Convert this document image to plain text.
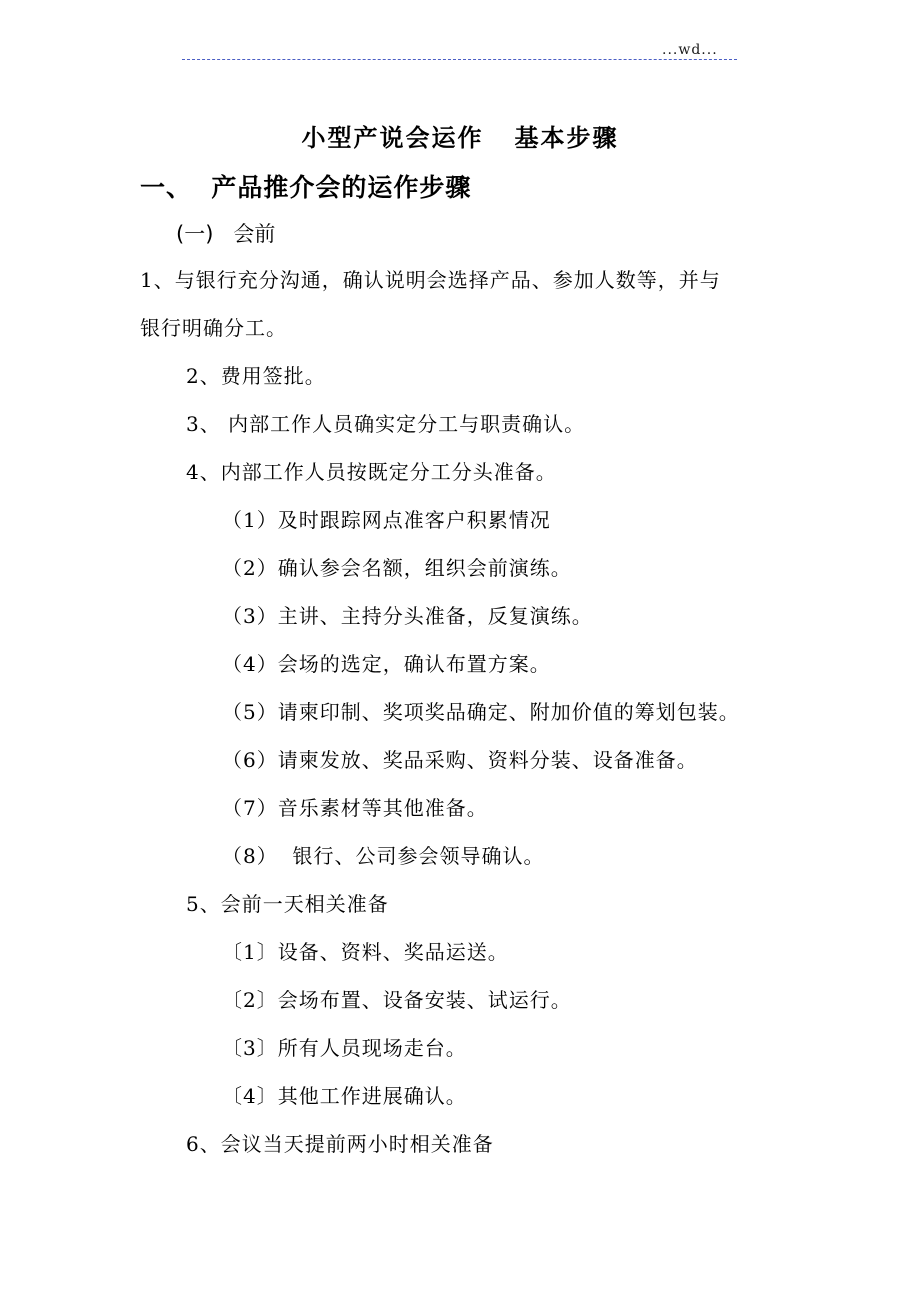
...wd...
小型产说会运作   基本步骤
一、  产品推介会的运作步骤
(一)   会前
1、与银行充分沟通，确认说明会选择产品、参加人数等，并与
银行明确分工。
2、费用签批。
3、 内部工作人员确实定分工与职责确认。
4、内部工作人员按既定分工分头准备。
（1）及时跟踪网点准客户积累情况
（2）确认参会名额，组织会前演练。
（3）主讲、主持分头准备，反复演练。
（4）会场的选定，确认布置方案。
（5）请柬印制、奖项奖品确定、附加价值的筹划包装。
（6）请柬发放、奖品采购、资料分装、设备准备。
（7）音乐素材等其他准备。
（8）  银行、公司参会领导确认。
5、会前一天相关准备
〔1〕设备、资料、奖品运送。
〔2〕会场布置、设备安装、试运行。
〔3〕所有人员现场走台。
〔4〕其他工作进展确认。
6、会议当天提前两小时相关准备
